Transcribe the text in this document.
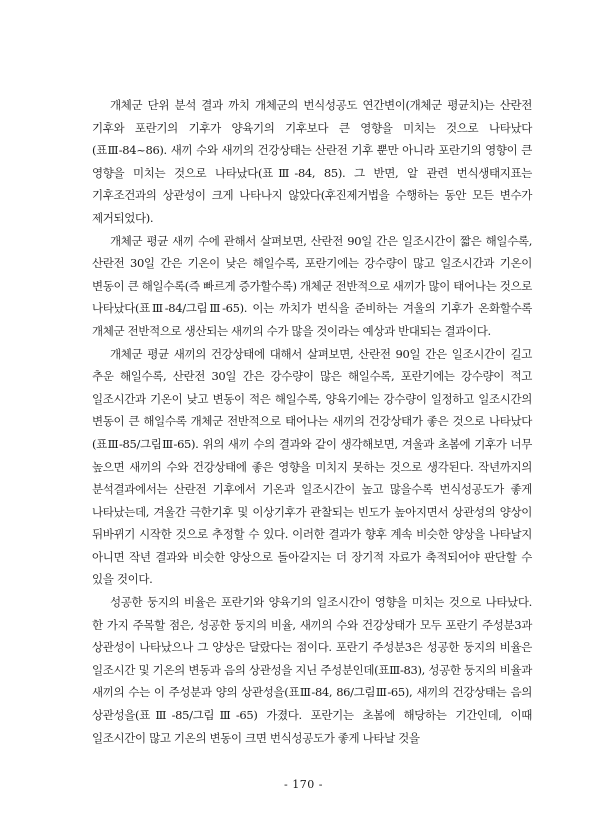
개체군 단위 분석 결과 까치 개체군의 번식성공도 연간변이(개체군 평균치)는 산란전 기후와 포란기의 기후가 양육기의 기후보다 큰 영향을 미치는 것으로 나타났다(표Ⅲ-84~86). 새끼 수와 새끼의 건강상태는 산란전 기후 뿐만 아니라 포란기의 영향이 큰 영향을 미치는 것으로 나타났다(표Ⅲ-84, 85). 그 반면, 알 관련 번식생태지표는 기후조건과의 상관성이 크게 나타나지 않았다(후진제거법을 수행하는 동안 모든 변수가 제거되었다).

개체군 평균 새끼 수에 관해서 살펴보면, 산란전 90일 간은 일조시간이 짧은 해일수록, 산란전 30일 간은 기온이 낮은 해일수록, 포란기에는 강수량이 많고 일조시간과 기온이 변동이 큰 해일수록(즉 빠르게 증가할수록) 개체군 전반적으로 새끼가 많이 태어나는 것으로 나타났다(표Ⅲ-84/그림Ⅲ-65). 이는 까치가 번식을 준비하는 겨울의 기후가 온화할수록 개체군 전반적으로 생산되는 새끼의 수가 많을 것이라는 예상과 반대되는 결과이다.

개체군 평균 새끼의 건강상태에 대해서 살펴보면, 산란전 90일 간은 일조시간이 길고 추운 해일수록, 산란전 30일 간은 강수량이 많은 해일수록, 포란기에는 강수량이 적고 일조시간과 기온이 낮고 변동이 적은 해일수록, 양육기에는 강수량이 일정하고 일조시간의 변동이 큰 해일수록 개체군 전반적으로 태어나는 새끼의 건강상태가 좋은 것으로 나타났다(표Ⅲ-85/그림Ⅲ-65). 위의 새끼 수의 결과와 같이 생각해보면, 겨울과 초봄에 기후가 너무 높으면 새끼의 수와 건강상태에 좋은 영향을 미치지 못하는 것으로 생각된다. 작년까지의 분석결과에서는 산란전 기후에서 기온과 일조시간이 높고 많을수록 번식성공도가 좋게 나타났는데, 겨울간 극한기후 및 이상기후가 관찰되는 빈도가 높아지면서 상관성의 양상이 뒤바뀌기 시작한 것으로 추정할 수 있다. 이러한 결과가 향후 계속 비슷한 양상을 나타날지 아니면 작년 결과와 비슷한 양상으로 돌아갈지는 더 장기적 자료가 축적되어야 판단할 수 있을 것이다.

성공한 둥지의 비율은 포란기와 양육기의 일조시간이 영향을 미치는 것으로 나타났다. 한 가지 주목할 점은, 성공한 둥지의 비율, 새끼의 수와 건강상태가 모두 포란기 주성분3과 상관성이 나타났으나 그 양상은 달랐다는 점이다. 포란기 주성분3은 성공한 둥지의 비율은 일조시간 및 기온의 변동과 음의 상관성을 지닌 주성분인데(표Ⅲ-83), 성공한 둥지의 비율과 새끼의 수는 이 주성분과 양의 상관성을(표Ⅲ-84, 86/그림Ⅲ-65), 새끼의 건강상태는 음의 상관성을(표Ⅲ-85/그림Ⅲ-65) 가졌다. 포란기는 초봄에 해당하는 기간인데, 이때 일조시간이 많고 기온의 변동이 크면 번식성공도가 좋게 나타날 것을

- 170 -
